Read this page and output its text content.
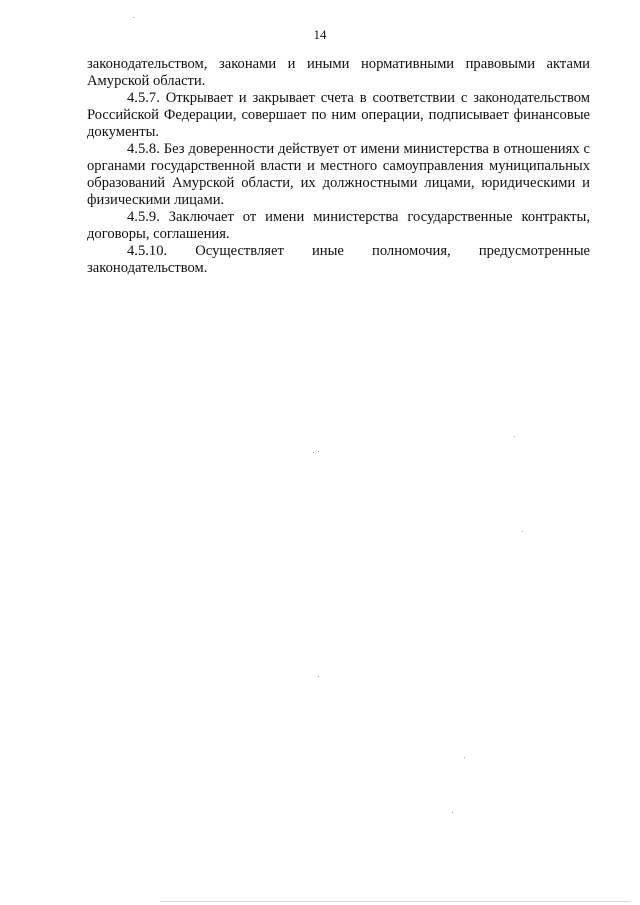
14

законодательством, законами и иными нормативными правовыми актами Амурской области.

4.5.7. Открывает и закрывает счета в соответствии с законодательством Российской Федерации, совершает по ним операции, подписывает финансовые документы.

4.5.8. Без доверенности действует от имени министерства в отношениях с органами государственной власти и местного самоуправления муниципальных образований Амурской области, их должностными лицами, юридическими и физическими лицами.

4.5.9. Заключает от имени министерства государственные контракты, договоры, соглашения.

4.5.10. Осуществляет иные полномочия, предусмотренные законодательством.
